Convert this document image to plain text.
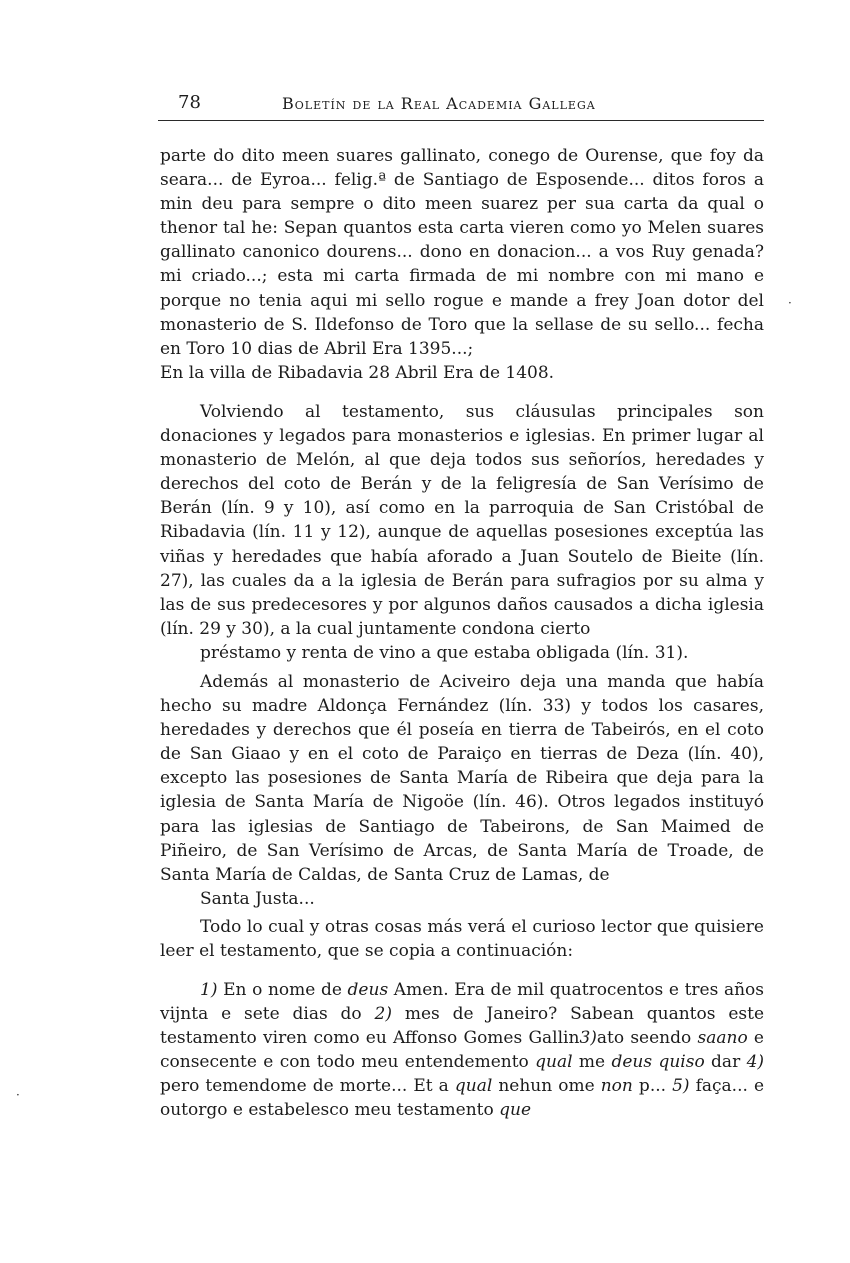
78	Boletín de la Real Academia Gallega
parte do dito meen suares gallinato, conego de Ourense, que foy da seara... de Eyroa... felig.ª de Santiago de Esposende... ditos foros a min deu para sempre o dito meen suarez per sua carta da qual o thenor tal he: Sepan quantos esta carta vieren como yo Melen suares gallinato canonico dourens... dono en donacion... a vos Ruy genada? mi criado...; esta mi carta firmada de mi nombre con mi mano e porque no tenia aqui mi sello rogue e mande a frey Joan dotor del monasterio de S. Ildefonso de Toro que la sellase de su sello... fecha en Toro 10 dias de Abril Era 1395...;
En la villa de Ribadavia 28 Abril Era de 1408.
Volviendo al testamento, sus cláusulas principales son donaciones y legados para monasterios e iglesias. En primer lugar al monasterio de Melón, al que deja todos sus señoríos, heredades y derechos del coto de Berán y de la feligresía de San Verísimo de Berán (lín. 9 y 10), así como en la parroquia de San Cristóbal de Ribadavia (lín. 11 y 12), aunque de aquellas posesiones exceptúa las viñas y heredades que había aforado a Juan Soutelo de Bieite (lín. 27), las cuales da a la iglesia de Berán para sufragios por su alma y las de sus predecesores y por algunos daños causados a dicha iglesia (lín. 29 y 30), a la cual juntamente condona cierto
préstamo y renta de vino a que estaba obligada (lín. 31).
Además al monasterio de Aciveiro deja una manda que había hecho su madre Aldonça Fernández (lín. 33) y todos los casares, heredades y derechos que él poseía en tierra de Tabeirós, en el coto de San Giaao y en el coto de Paraiço en tierras de Deza (lín. 40), excepto las posesiones de Santa María de Ribeira que deja para la iglesia de Santa María de Nigoöe (lín. 46). Otros legados instituyó para las iglesias de Santiago de Tabeirons, de San Maimed de Piñeiro, de San Verísimo de Arcas, de Santa María de Troade, de Santa María de Caldas, de Santa Cruz de Lamas, de
Santa Justa...

Todo lo cual y otras cosas más verá el curioso lector que quisiere leer el testamento, que se copia a continuación:

1) En o nome de deus Amen. Era de mil quatrocentos e tres años vijnta e sete dias do 2) mes de Janeiro? Sabean quantos este testamento viren como eu Affonso Gomes Gallin3)ato seendo saano e consecente e con todo meu entendemento qual me deus quiso dar 4) pero temendome de morte... Et a qual nehun ome non p... 5) faça... e outorgo e estabelesco meu testamento que

·
·
